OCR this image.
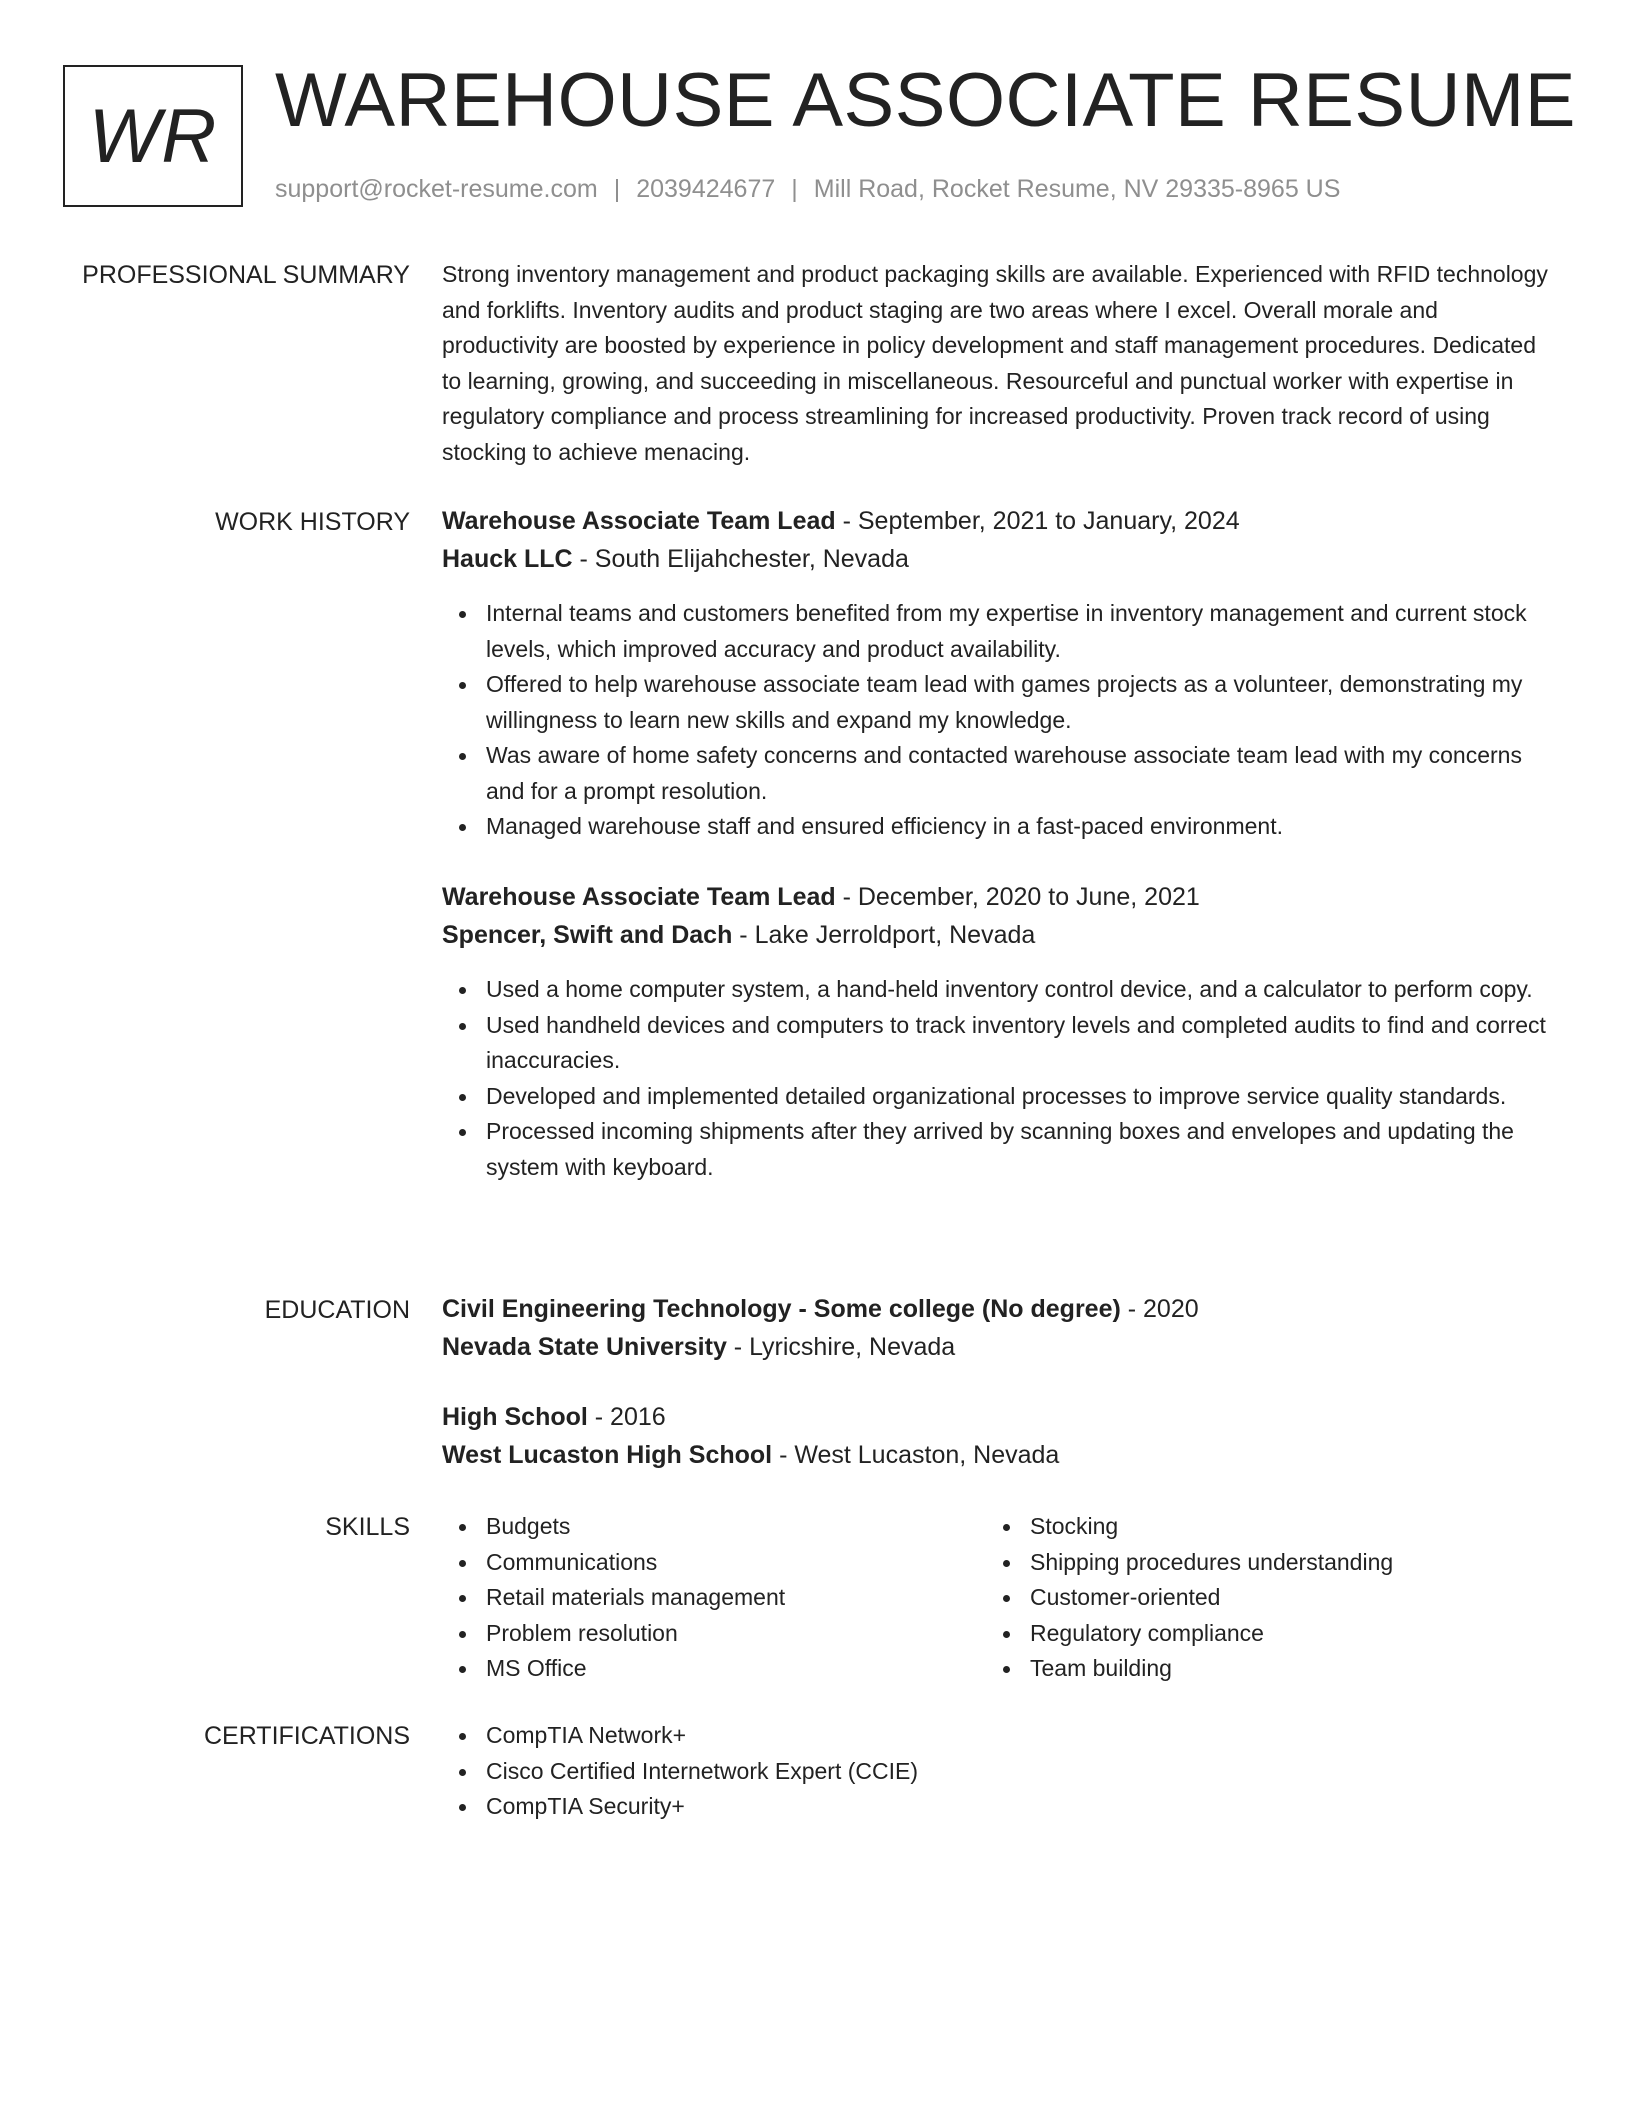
WR WAREHOUSE ASSOCIATE RESUME
support@rocket-resume.com | 2039424677 | Mill Road, Rocket Resume, NV 29335-8965 US
PROFESSIONAL SUMMARY Strong inventory management and product packaging skills are available. Experienced with RFID technology and forklifts. Inventory audits and product staging are two areas where I excel. Overall morale and productivity are boosted by experience in policy development and staff management procedures. Dedicated to learning, growing, and succeeding in miscellaneous. Resourceful and punctual worker with expertise in regulatory compliance and process streamlining for increased productivity. Proven track record of using stocking to achieve menacing.

WORK HISTORY Warehouse Associate Team Lead - September, 2021 to January, 2024
Hauck LLC - South Elijahchester, Nevada
Internal teams and customers benefited from my expertise in inventory management and current stock levels, which improved accuracy and product availability.
Offered to help warehouse associate team lead with games projects as a volunteer, demonstrating my willingness to learn new skills and expand my knowledge.
Was aware of home safety concerns and contacted warehouse associate team lead with my concerns and for a prompt resolution.
Managed warehouse staff and ensured efficiency in a fast-paced environment.
Warehouse Associate Team Lead - December, 2020 to June, 2021
Spencer, Swift and Dach - Lake Jerroldport, Nevada
Used a home computer system, a hand-held inventory control device, and a calculator to perform copy.
Used handheld devices and computers to track inventory levels and completed audits to find and correct inaccuracies.
Developed and implemented detailed organizational processes to improve service quality standards.
Processed incoming shipments after they arrived by scanning boxes and envelopes and updating the system with keyboard.
EDUCATION Civil Engineering Technology - Some college (No degree) - 2020
Nevada State University - Lyricshire, Nevada
High School - 2016
West Lucaston High School - West Lucaston, Nevada
SKILLS	Budgets
Communications
Retail materials management
Problem resolution
MS Office
Stocking
Shipping procedures understanding
Customer-oriented
Regulatory compliance
Team building
CERTIFICATIONS	CompTIA Network+
Cisco Certified Internetwork Expert (CCIE)
CompTIA Security+
